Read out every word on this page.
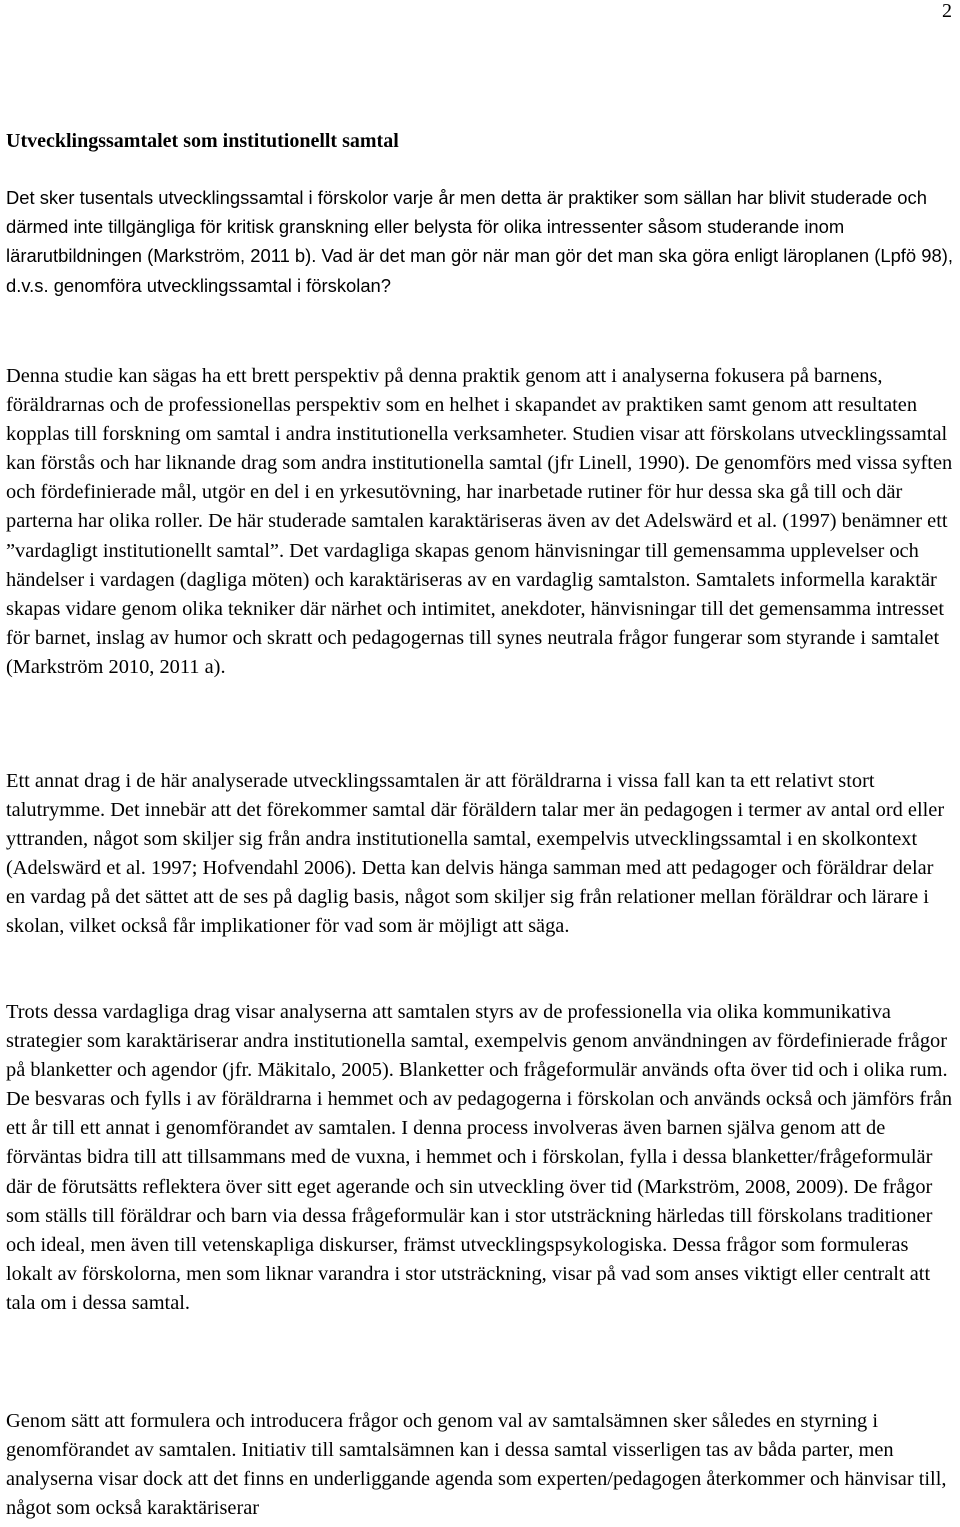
2
Utvecklingssamtalet som institutionellt samtal

Det sker tusentals utvecklingssamtal i förskolor varje år men detta är praktiker som sällan har blivit studerade och därmed inte tillgängliga för kritisk granskning eller belysta för olika intressenter såsom studerande inom lärarutbildningen (Markström, 2011 b). Vad är det man gör när man gör det man ska göra enligt läroplanen (Lpfö 98), d.v.s. genomföra utvecklingssamtal i förskolan?

Denna studie kan sägas ha ett brett perspektiv på denna praktik genom att i analyserna fokusera på barnens, föräldrarnas och de professionellas perspektiv som en helhet i skapandet av praktiken samt genom att resultaten kopplas till forskning om samtal i andra institutionella verksamheter. Studien visar att förskolans utvecklingssamtal kan förstås och har liknande drag som andra institutionella samtal (jfr Linell, 1990). De genomförs med vissa syften och fördefinierade mål, utgör en del i en yrkesutövning, har inarbetade rutiner för hur dessa ska gå till och där parterna har olika roller. De här studerade samtalen karaktäriseras även av det Adelswärd et al. (1997) benämner ett ”vardagligt institutionellt samtal”. Det vardagliga skapas genom hänvisningar till gemensamma upplevelser och händelser i vardagen (dagliga möten) och karaktäriseras av en vardaglig samtalston. Samtalets informella karaktär skapas vidare genom olika tekniker där närhet och intimitet, anekdoter, hänvisningar till det gemensamma intresset för barnet, inslag av humor och skratt och pedagogernas till synes neutrala frågor fungerar som styrande i samtalet (Markström 2010, 2011 a).

Ett annat drag i de här analyserade utvecklingssamtalen är att föräldrarna i vissa fall kan ta ett relativt stort talutrymme. Det innebär att det förekommer samtal där föräldern talar mer än pedagogen i termer av antal ord eller yttranden, något som skiljer sig från andra institutionella samtal, exempelvis utvecklingssamtal i en skolkontext (Adelswärd et al. 1997; Hofvendahl 2006). Detta kan delvis hänga samman med att pedagoger och föräldrar delar en vardag på det sättet att de ses på daglig basis, något som skiljer sig från relationer mellan föräldrar och lärare i skolan, vilket också får implikationer för vad som är möjligt att säga.

Trots dessa vardagliga drag visar analyserna att samtalen styrs av de professionella via olika kommunikativa strategier som karaktäriserar andra institutionella samtal, exempelvis genom användningen av fördefinierade frågor på blanketter och agendor (jfr. Mäkitalo, 2005). Blanketter och frågeformulär används ofta över tid och i olika rum. De besvaras och fylls i av föräldrarna i hemmet och av pedagogerna i förskolan och används också och jämförs från ett år till ett annat i genomförandet av samtalen. I denna process involveras även barnen själva genom att de förväntas bidra till att tillsammans med de vuxna, i hemmet och i förskolan, fylla i dessa blanketter/frågeformulär där de förutsätts reflektera över sitt eget agerande och sin utveckling över tid (Markström, 2008, 2009). De frågor som ställs till föräldrar och barn via dessa frågeformulär kan i stor utsträckning härledas till förskolans traditioner och ideal, men även till vetenskapliga diskurser, främst utvecklingspsykologiska. Dessa frågor som formuleras lokalt av förskolorna, men som liknar varandra i stor utsträckning, visar på vad som anses viktigt eller centralt att tala om i dessa samtal.

Genom sätt att formulera och introducera frågor och genom val av samtalsämnen sker således en styrning i genomförandet av samtalen. Initiativ till samtalsämnen kan i dessa samtal visserligen tas av båda parter, men analyserna visar dock att det finns en underliggande agenda som experten/pedagogen återkommer och hänvisar till, något som också karaktäriserar
